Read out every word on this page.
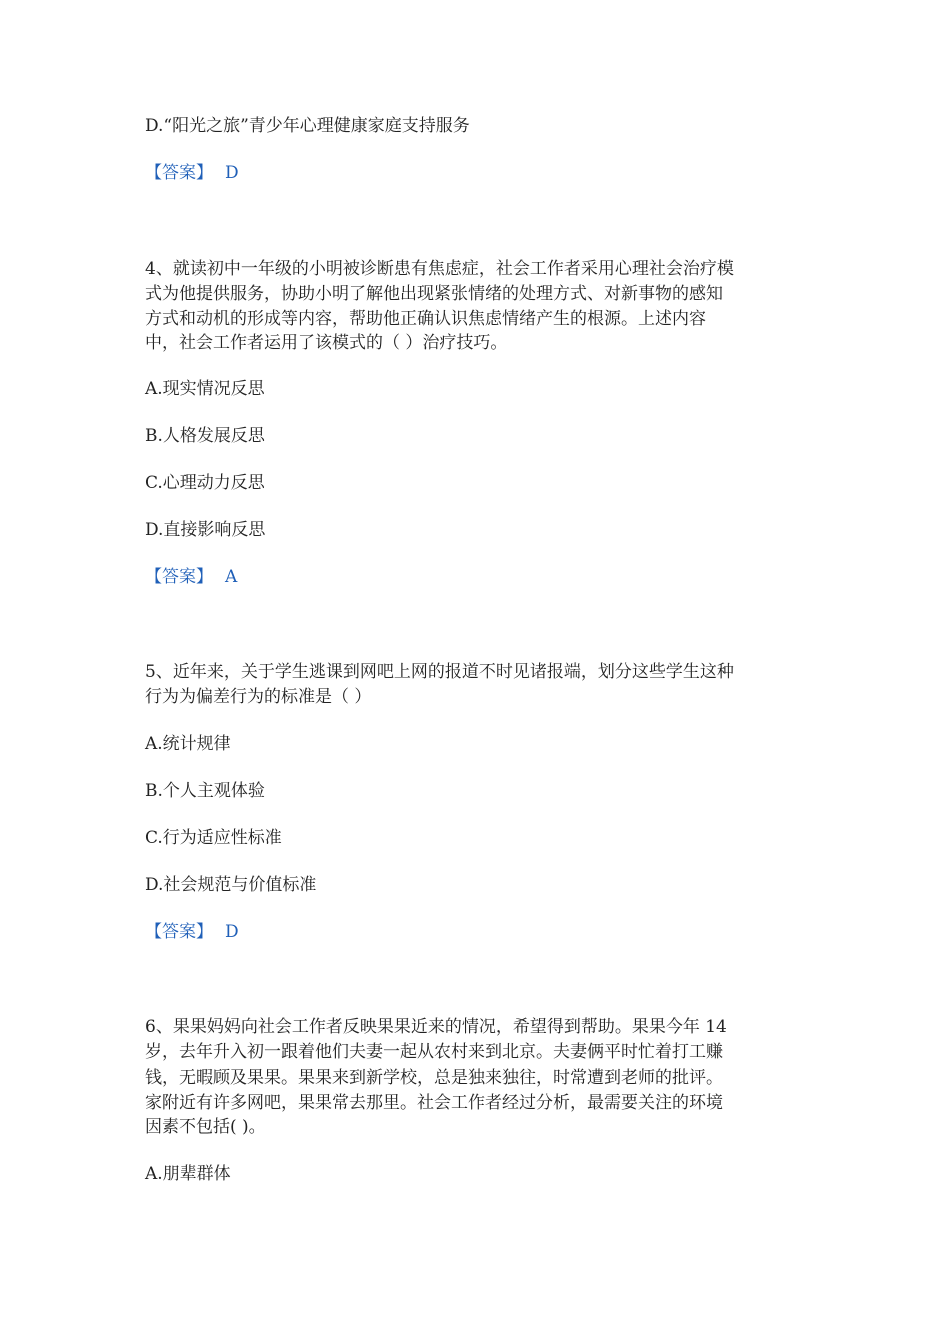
D.“阳光之旅”青少年心理健康家庭支持服务
【答案】 D
4、就读初中一年级的小明被诊断患有焦虑症，社会工作者采用心理社会治疗模
式为他提供服务，协助小明了解他出现紧张情绪的处理方式、对新事物的感知
方式和动机的形成等内容，帮助他正确认识焦虑情绪产生的根源。上述内容
中，社会工作者运用了该模式的（ ）治疗技巧。
A.现实情况反思
B.人格发展反思
C.心理动力反思
D.直接影响反思
【答案】 A
5、近年来，关于学生逃课到网吧上网的报道不时见诸报端，划分这些学生这种
行为为偏差行为的标准是（ ）
A.统计规律
B.个人主观体验
C.行为适应性标准
D.社会规范与价值标准
【答案】 D
6、果果妈妈向社会工作者反映果果近来的情况，希望得到帮助。果果今年 14
岁，去年升入初一跟着他们夫妻一起从农村来到北京。夫妻俩平时忙着打工赚
钱，无暇顾及果果。果果来到新学校，总是独来独往，时常遭到老师的批评。
家附近有许多网吧，果果常去那里。社会工作者经过分析，最需要关注的环境
因素不包括( )。
A.朋辈群体
